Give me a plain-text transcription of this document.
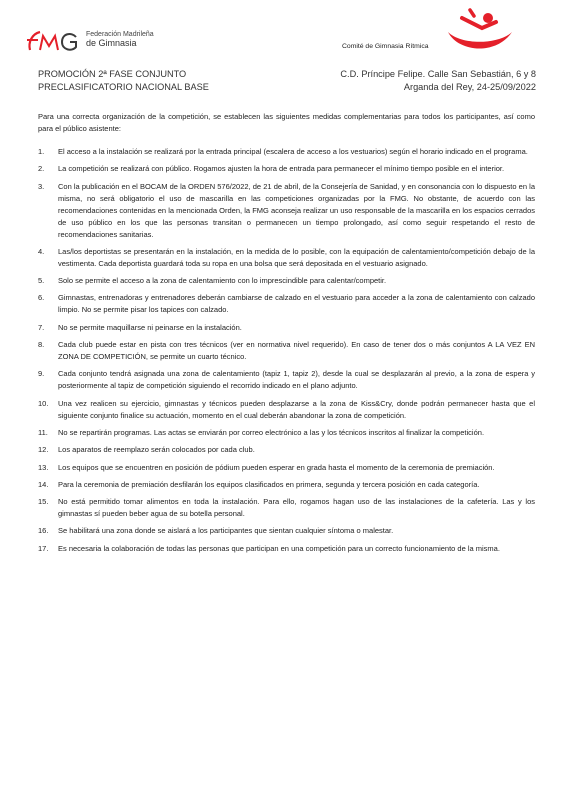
Federación Madrileña
de Gimnasia	Comité de Gimnasia Rítmica
PROMOCIÓN 2ª FASE CONJUNTO
PRECLASIFICATORIO NACIONAL BASE
C.D. Príncipe Felipe. Calle San Sebastián, 6 y 8
Arganda del Rey, 24-25/09/2022
Para una correcta organización de la competición, se establecen las siguientes medidas complementarias para todos los participantes, así como para el público asistente:
1. El acceso a la instalación se realizará por la entrada principal (escalera de acceso a los vestuarios) según el horario indicado en el programa.
2. La competición se realizará con público. Rogamos ajusten la hora de entrada para permanecer el mínimo tiempo posible en el interior.
3. Con la publicación en el BOCAM de la ORDEN 576/2022, de 21 de abril, de la Consejería de Sanidad, y en consonancia con lo dispuesto en la misma, no será obligatorio el uso de mascarilla en las competiciones organizadas por la FMG. No obstante, de acuerdo con las recomendaciones contenidas en la mencionada Orden, la FMG aconseja realizar un uso responsable de la mascarilla en los espacios cerrados de uso público en los que las personas transitan o permanecen un tiempo prolongado, así como seguir respetando el resto de recomendaciones sanitarias.
4. Las/los deportistas se presentarán en la instalación, en la medida de lo posible, con la equipación de calentamiento/competición debajo de la vestimenta. Cada deportista guardará toda su ropa en una bolsa que será depositada en el vestuario asignado.
5. Solo se permite el acceso a la zona de calentamiento con lo imprescindible para calentar/competir.
6. Gimnastas, entrenadoras y entrenadores deberán cambiarse de calzado en el vestuario para acceder a la zona de calentamiento con calzado limpio. No se permite pisar los tapices con calzado.
7. No se permite maquillarse ni peinarse en la instalación.
8. Cada club puede estar en pista con tres técnicos (ver en normativa nivel requerido). En caso de tener dos o más conjuntos A LA VEZ EN ZONA DE COMPETICIÓN, se permite un cuarto técnico.
9. Cada conjunto tendrá asignada una zona de calentamiento (tapiz 1, tapiz 2), desde la cual se desplazarán al previo, a la zona de espera y posteriormente al tapiz de competición siguiendo el recorrido indicado en el plano adjunto.
10. Una vez realicen su ejercicio, gimnastas y técnicos pueden desplazarse a la zona de Kiss&Cry, donde podrán permanecer hasta que el siguiente conjunto finalice su actuación, momento en el cual deberán abandonar la zona de competición.
11. No se repartirán programas. Las actas se enviarán por correo electrónico a las y los técnicos inscritos al finalizar la competición.
12. Los aparatos de reemplazo serán colocados por cada club.
13. Los equipos que se encuentren en posición de pódium pueden esperar en grada hasta el momento de la ceremonia de premiación.
14. Para la ceremonia de premiación desfilarán los equipos clasificados en primera, segunda y tercera posición en cada categoría.
15. No está permitido tomar alimentos en toda la instalación. Para ello, rogamos hagan uso de las instalaciones de la cafetería. Las y los gimnastas sí pueden beber agua de su botella personal.
16. Se habilitará una zona donde se aislará a los participantes que sientan cualquier síntoma o malestar.
17. Es necesaria la colaboración de todas las personas que participan en una competición para un correcto funcionamiento de la misma.
